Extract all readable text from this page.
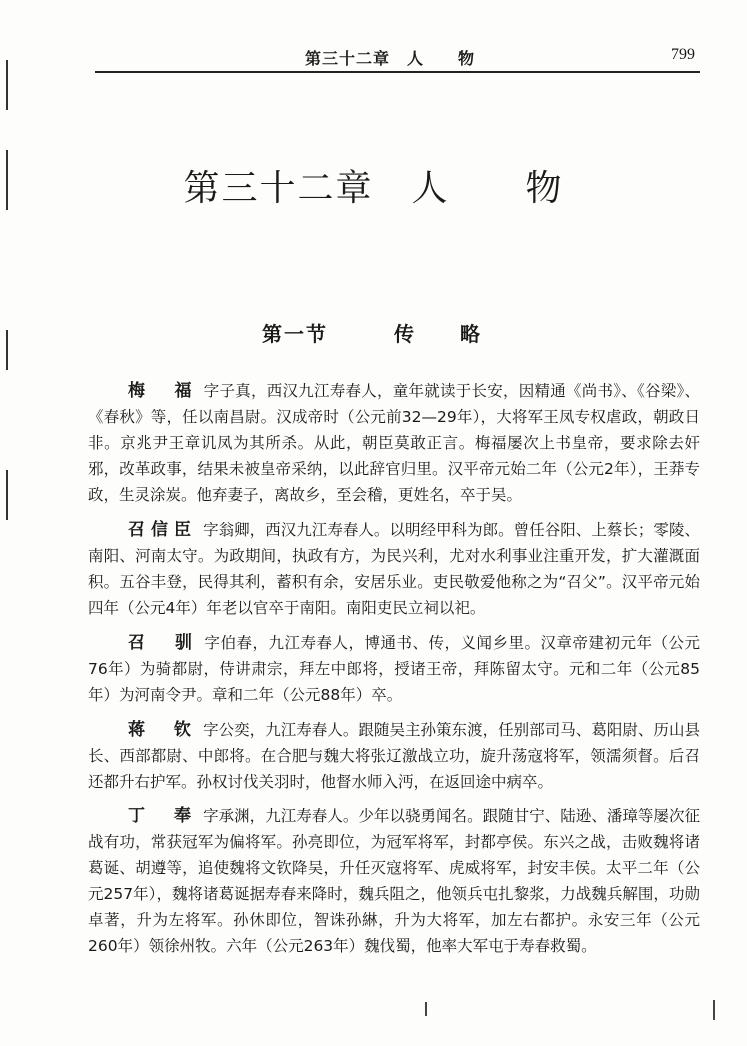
第三十二章　人　　物	799
第三十二章　人　　物
第一节　　　传　　略
梅　福 字子真，西汉九江寿春人，童年就读于长安，因精通《尚书》、《谷梁》、《春秋》等，任以南昌尉。汉成帝时（公元前32—29年），大将军王凤专权虐政，朝政日非。京兆尹王章讥凤为其所杀。从此，朝臣莫敢正言。梅福屡次上书皇帝，要求除去奸邪，改革政事，结果未被皇帝采纳，以此辞官归里。汉平帝元始二年（公元2年），王莽专政，生灵涂炭。他弃妻子，离故乡，至会稽，更姓名，卒于吴。
召信臣 字翁卿，西汉九江寿春人。以明经甲科为郎。曾任谷阳、上蔡长；零陵、南阳、河南太守。为政期间，执政有方，为民兴利，尤对水利事业注重开发，扩大灌溉面积。五谷丰登，民得其利，蓄积有余，安居乐业。吏民敬爱他称之为“召父”。汉平帝元始四年（公元4年）年老以官卒于南阳。南阳吏民立祠以祀。
召　驯 字伯春，九江寿春人，博通书、传，义闻乡里。汉章帝建初元年（公元76年）为骑都尉，侍讲肃宗，拜左中郎将，授诸王帝，拜陈留太守。元和二年（公元85年）为河南令尹。章和二年（公元88年）卒。
蒋　钦 字公奕，九江寿春人。跟随吴主孙策东渡，任别部司马、葛阳尉、历山县长、西部都尉、中郎将。在合肥与魏大将张辽激战立功，旋升荡寇将军，领濡须督。后召还都升右护军。孙权讨伐关羽时，他督水师入沔，在返回途中病卒。
丁　奉 字承渊，九江寿春人。少年以骁勇闻名。跟随甘宁、陆逊、潘璋等屡次征战有功，常获冠军为偏将军。孙亮即位，为冠军将军，封都亭侯。东兴之战，击败魏将诸葛诞、胡遵等，追使魏将文钦降吴，升任灭寇将军、虎威将军，封安丰侯。太平二年（公元257年），魏将诸葛诞据寿春来降时，魏兵阻之，他领兵屯扎黎浆，力战魏兵解围，功勋卓著，升为左将军。孙休即位，智诛孙綝，升为大将军，加左右都护。永安三年（公元260年）领徐州牧。六年（公元263年）魏伐蜀，他率大军屯于寿春救蜀。
